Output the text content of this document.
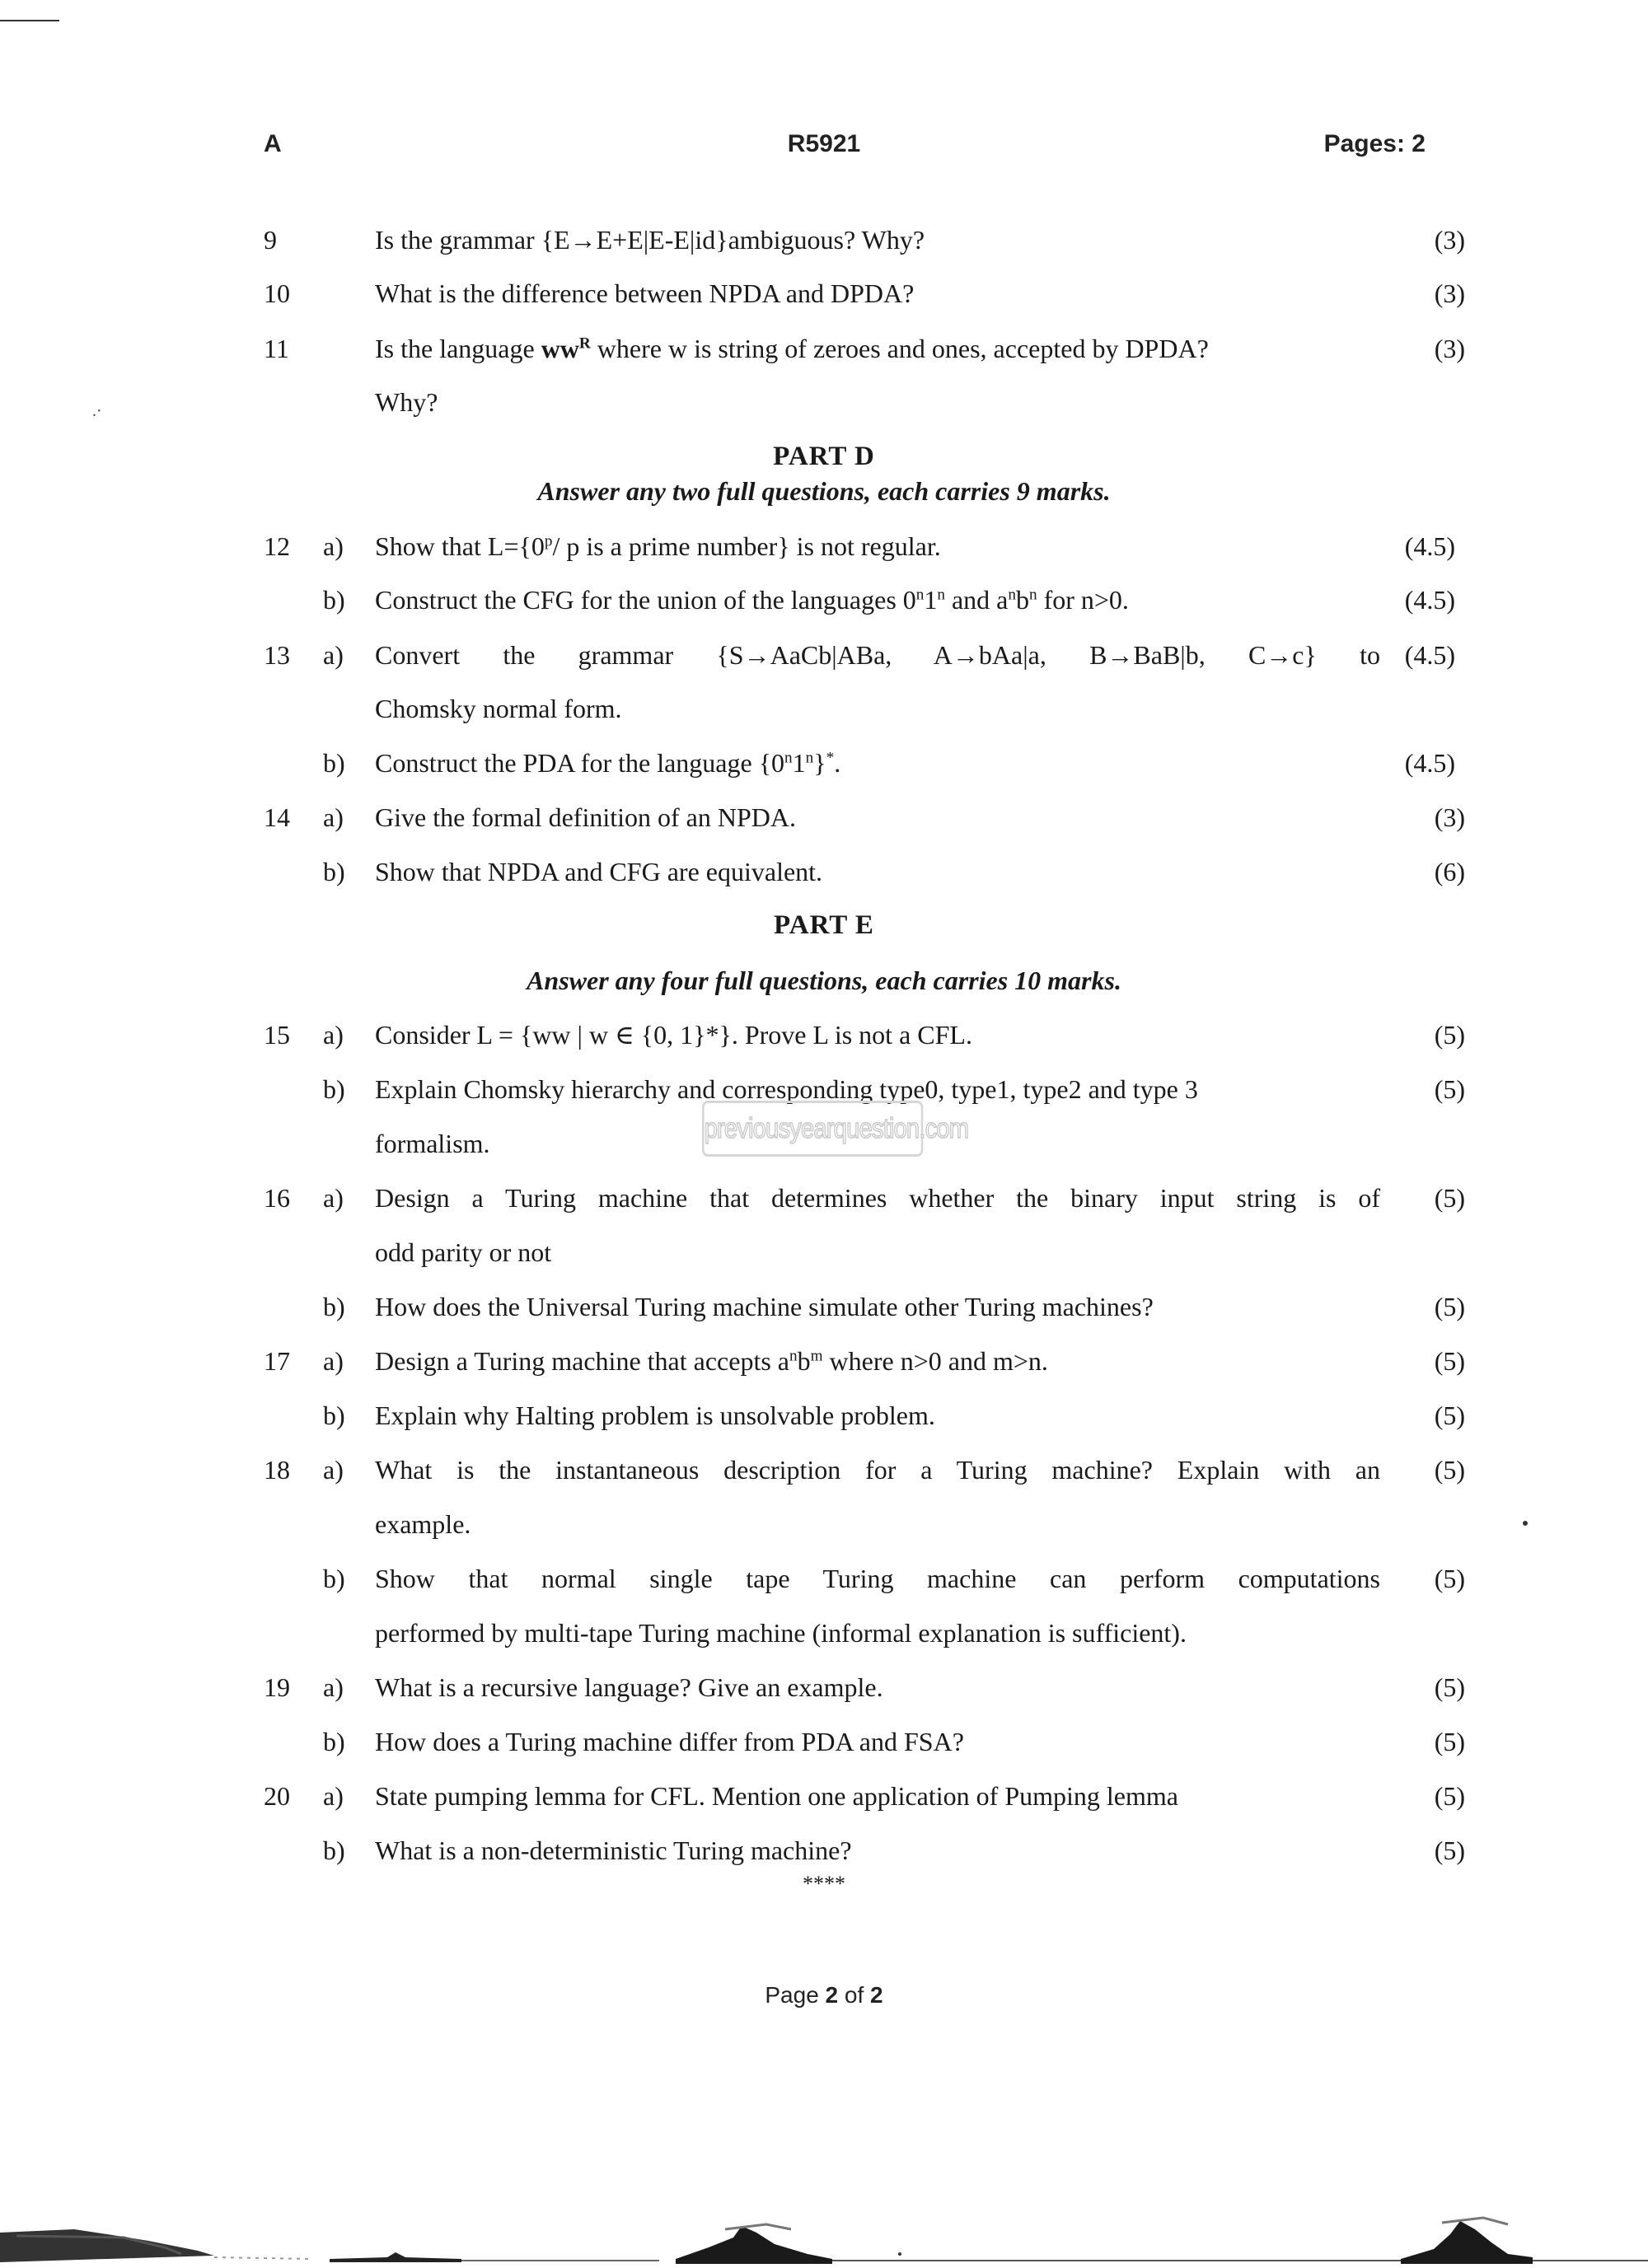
A	R5921	Pages: 2
.·
9	Is the grammar {E→E+E|E-E|id}ambiguous? Why?	(3)
10	What is the difference between NPDA and DPDA?	(3)
11	Is the language $ww^R$ where w is string of zeroes and ones, accepted by DPDA?	(3)
Why?
PART D
Answer any two full questions, each carries 9 marks.
12 a) Show that $L=\{0^p/$ p is a prime number} is not regular.	(4.5)
b) Construct the CFG for the union of the languages 0$^n$1$^n$ and $a^nb^n$ for n>0.	(4.5)
13 a) Convert the grammar {S→AaCb|ABa, A→bAa|a, B→BaB|b, C→c} to (4.5)
Chomsky normal form.
b) Construct the PDA for the language {0$^n$1$^n$}*.	(4.5)
14 a) Give the formal definition of an NPDA.	(3)
b) Show that NPDA and CFG are equivalent.	(6)
PART E
Answer any four full questions, each carries 10 marks.
15 a) Consider L = {ww | w ∈ {0, 1}*}. Prove L is not a CFL.	(5)
b) Explain Chomsky hierarchy and corresponding type0, type1, type2 and type 3	(5)
formalism.	previousyearquestion.com
16 a) Design a Turing machine that determines whether the binary input string is of (5)
odd parity or not
b) How does the Universal Turing machine simulate other Turing machines?	(5)
17 a) Design a Turing machine that accepts $a^nb^m$ where n>0 and m>n.	(5)
b) Explain why Halting problem is unsolvable problem.	(5)
18 a) What is the instantaneous description for a Turing machine? Explain with an (5)
example.
b) Show that normal single tape Turing machine can perform computations (5)
performed by multi-tape Turing machine (informal explanation is sufficient).
19 a) What is a recursive language? Give an example.	(5)
b) How does a Turing machine differ from PDA and FSA?	(5)
20 a) State pumping lemma for CFL. Mention one application of Pumping lemma	(5)
b) What is a non-deterministic Turing machine?	(5)
****
Page 2 of 2
